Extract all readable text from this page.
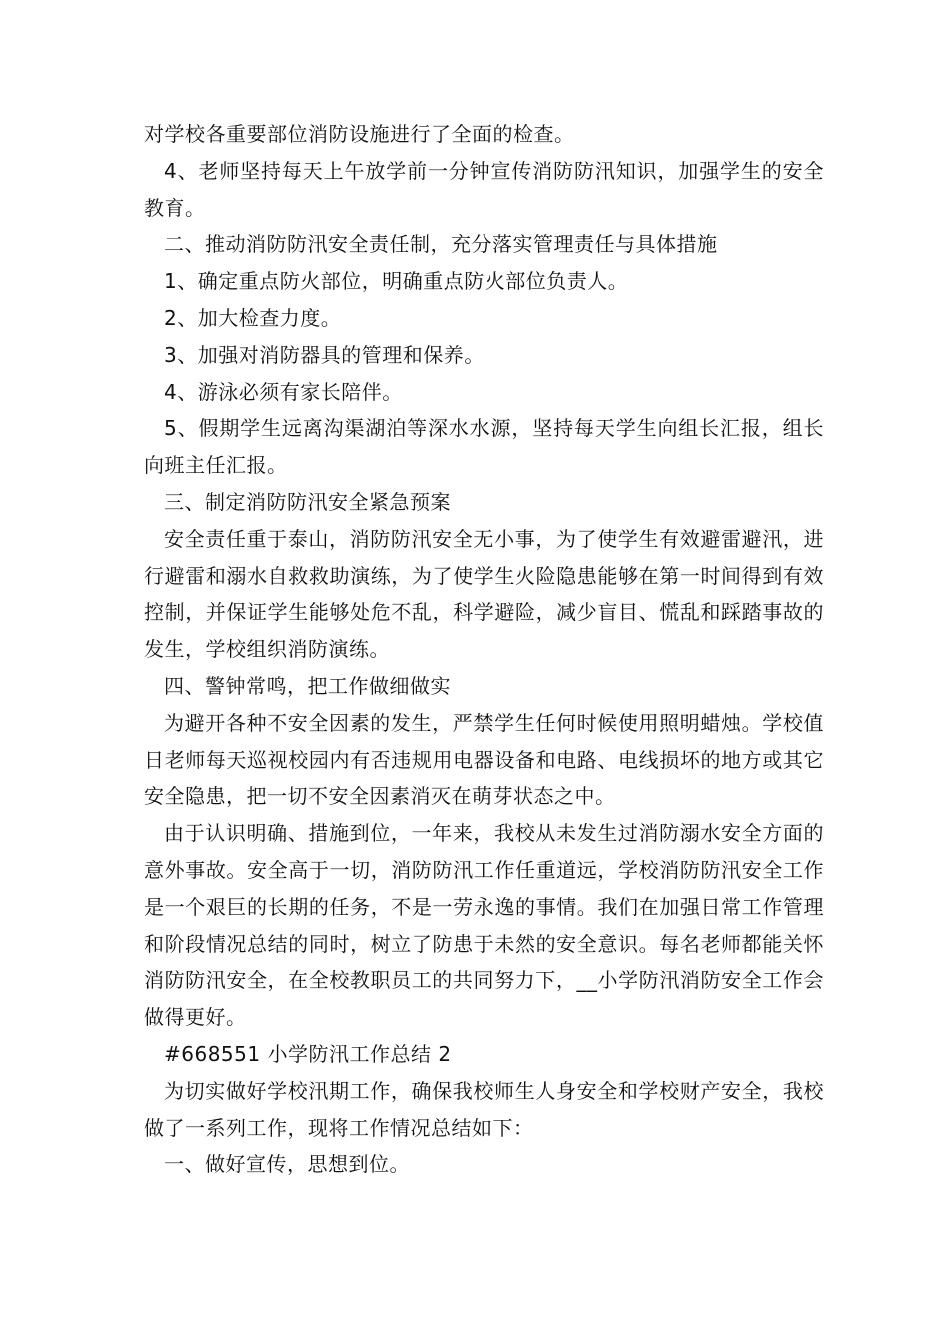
对学校各重要部位消防设施进行了全面的检查。

4、老师坚持每天上午放学前一分钟宣传消防防汛知识，加强学生的安全教育。

二、推动消防防汛安全责任制，充分落实管理责任与具体措施

1、确定重点防火部位，明确重点防火部位负责人。

2、加大检查力度。

3、加强对消防器具的管理和保养。

4、游泳必须有家长陪伴。

5、假期学生远离沟渠湖泊等深水水源，坚持每天学生向组长汇报，组长向班主任汇报。

三、制定消防防汛安全紧急预案

安全责任重于泰山，消防防汛安全无小事，为了使学生有效避雷避汛，进行避雷和溺水自救救助演练，为了使学生火险隐患能够在第一时间得到有效控制，并保证学生能够处危不乱，科学避险，减少盲目、慌乱和踩踏事故的发生，学校组织消防演练。

四、警钟常鸣，把工作做细做实

为避开各种不安全因素的发生，严禁学生任何时候使用照明蜡烛。学校值日老师每天巡视校园内有否违规用电器设备和电路、电线损坏的地方或其它安全隐患，把一切不安全因素消灭在萌芽状态之中。

由于认识明确、措施到位，一年来，我校从未发生过消防溺水安全方面的意外事故。安全高于一切，消防防汛工作任重道远，学校消防防汛安全工作是一个艰巨的长期的任务，不是一劳永逸的事情。我们在加强日常工作管理和阶段情况总结的同时，树立了防患于未然的安全意识。每名老师都能关怀消防防汛安全，在全校教职员工的共同努力下，__小学防汛消防安全工作会做得更好。

#668551 小学防汛工作总结 2

为切实做好学校汛期工作，确保我校师生人身安全和学校财产安全，我校做了一系列工作，现将工作情况总结如下：

一、做好宣传，思想到位。
